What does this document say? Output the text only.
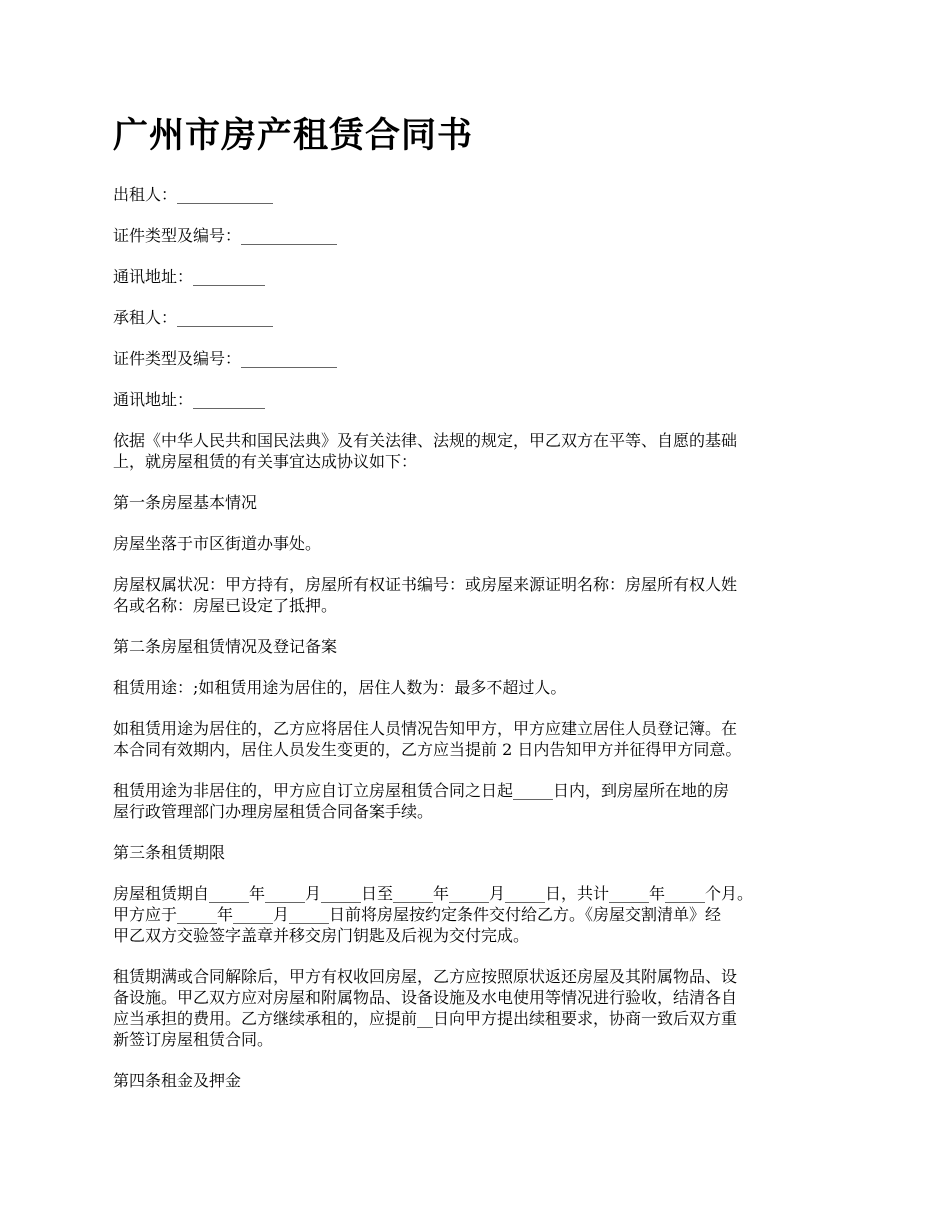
广州市房产租赁合同书

出租人：____________

证件类型及编号：____________

通讯地址：_________

承租人：____________

证件类型及编号：____________

通讯地址：_________

依据《中华人民共和国民法典》及有关法律、法规的规定，甲乙双方在平等、自愿的基础
上，就房屋租赁的有关事宜达成协议如下：

第一条房屋基本情况

房屋坐落于市区街道办事处。

房屋权属状况：甲方持有，房屋所有权证书编号：或房屋来源证明名称：房屋所有权人姓
名或名称：房屋已设定了抵押。

第二条房屋租赁情况及登记备案

租赁用途：;如租赁用途为居住的，居住人数为：最多不超过人。

如租赁用途为居住的，乙方应将居住人员情况告知甲方，甲方应建立居住人员登记簿。在
本合同有效期内，居住人员发生变更的，乙方应当提前 2 日内告知甲方并征得甲方同意。

租赁用途为非居住的，甲方应自订立房屋租赁合同之日起_____日内，到房屋所在地的房
屋行政管理部门办理房屋租赁合同备案手续。

第三条租赁期限

房屋租赁期自_____年_____月_____日至_____年_____月_____日，共计_____年_____个月。
甲方应于_____年_____月_____日前将房屋按约定条件交付给乙方。《房屋交割清单》经
甲乙双方交验签字盖章并移交房门钥匙及后视为交付完成。

租赁期满或合同解除后，甲方有权收回房屋，乙方应按照原状返还房屋及其附属物品、设
备设施。甲乙双方应对房屋和附属物品、设备设施及水电使用等情况进行验收，结清各自
应当承担的费用。乙方继续承租的，应提前__日向甲方提出续租要求，协商一致后双方重
新签订房屋租赁合同。

第四条租金及押金
